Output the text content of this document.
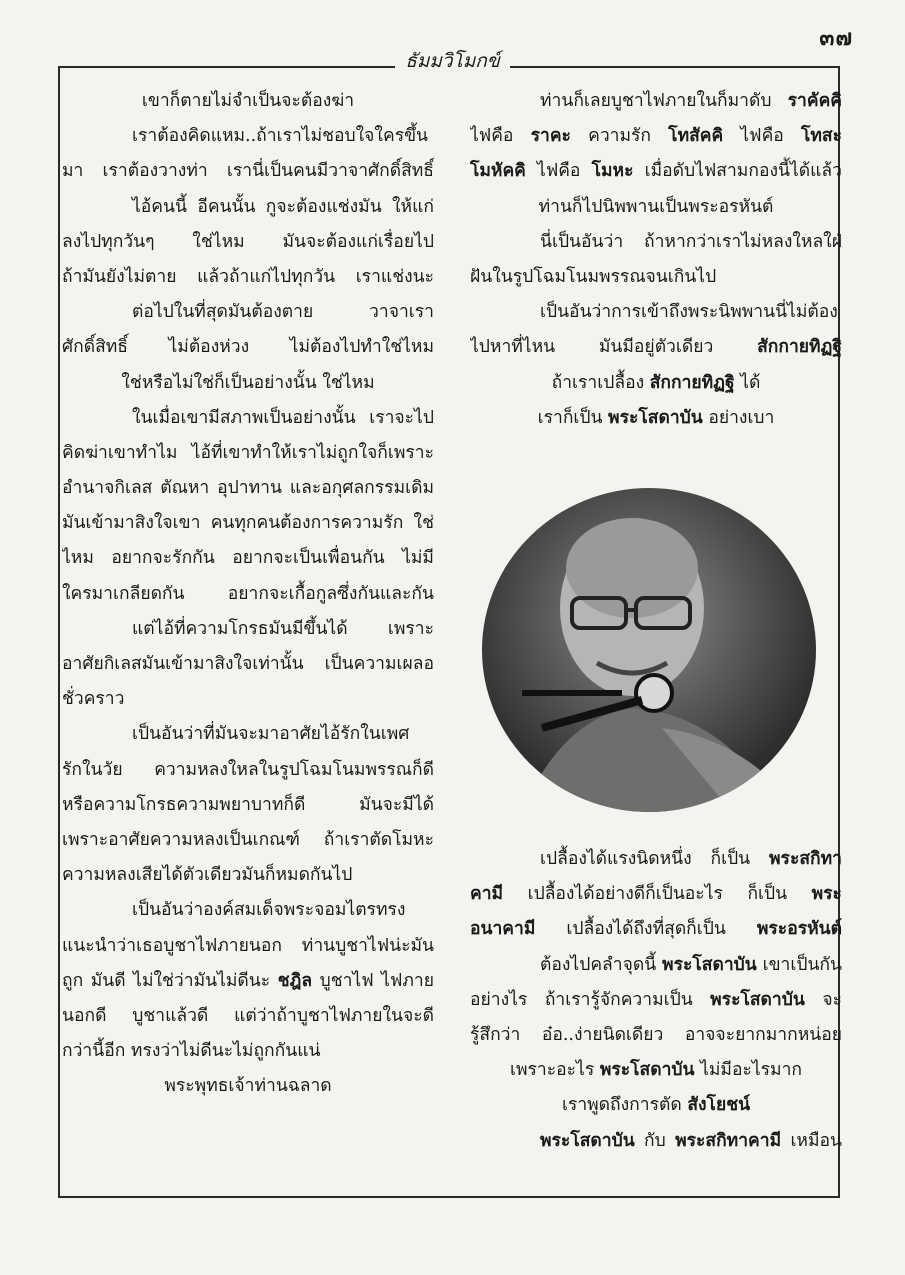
๓๗
ธัมมวิโมกข์
เขาก็ตายไม่จำเป็นจะต้องฆ่า
เราต้องคิดแหม..ถ้าเราไม่ชอบใจใครขึ้น
มา เราต้องวางท่า เรานี่เป็นคนมีวาจาศักดิ์สิทธิ์
ไอ้คนนี้ อีคนนั้น กูจะต้องแช่งมัน ให้แก่
ลงไปทุกวันๆ ใช่ไหม มันจะต้องแก่เรื่อยไป
ถ้ามันยังไม่ตาย แล้วถ้าแก่ไปทุกวัน เราแช่งนะ
ต่อไปในที่สุดมันต้องตาย	วาจาเรา
ศักดิ์สิทธิ์ ไม่ต้องห่วง ไม่ต้องไปทำใช่ไหม
ใช่หรือไม่ใช่ก็เป็นอย่างนั้น ใช่ไหม
ในเมื่อเขามีสภาพเป็นอย่างนั้น เราจะไป
คิดฆ่าเขาทำไม ไอ้ที่เขาทำให้เราไม่ถูกใจก็เพราะ
อำนาจกิเลส ตัณหา อุปาทาน และอกุศลกรรมเดิม
มันเข้ามาสิงใจเขา คนทุกคนต้องการความรัก ใช่
ไหม อยากจะรักกัน อยากจะเป็นเพื่อนกัน ไม่มี
ใครมาเกลียดกัน อยากจะเกื้อกูลซึ่งกันและกัน
แต่ไอ้ที่ความโกรธมันมีขึ้นได้ เพราะ
อาศัยกิเลสมันเข้ามาสิงใจเท่านั้น เป็นความเผลอ
ชั่วคราว
เป็นอันว่าที่มันจะมาอาศัยไอ้รักในเพศ
รักในวัย ความหลงใหลในรูปโฉมโนมพรรณก็ดี
หรือความโกรธความพยาบาทก็ดี	มันจะมีได้
เพราะอาศัยความหลงเป็นเกณฑ์ ถ้าเราตัดโมหะ
ความหลงเสียได้ตัวเดียวมันก็หมดกันไป
เป็นอันว่าองค์สมเด็จพระจอมไตรทรง
แนะนำว่าเธอบูชาไฟภายนอก ท่านบูชาไฟน่ะมัน
ถูก มันดี ไม่ใช่ว่ามันไม่ดีนะ ชฎิล บูชาไฟ ไฟภาย
นอกดี บูชาแล้วดี แต่ว่าถ้าบูชาไฟภายในจะดี
กว่านี้อีก ทรงว่าไม่ดีนะไม่ถูกกันแน่
พระพุทธเจ้าท่านฉลาด
ท่านก็เลยบูชาไฟภายในก็มาดับ ราคัคคิ
ไฟคือ ราคะ ความรัก โทสัคคิ ไฟคือ โทสะ
โมหัคคิ ไฟคือ โมหะ เมื่อดับไฟสามกองนี้ได้แล้ว
ท่านก็ไปนิพพานเป็นพระอรหันต์
นี่เป็นอันว่า ถ้าหากว่าเราไม่หลงใหลใฝ่
ฝันในรูปโฉมโนมพรรณจนเกินไป
เป็นอันว่าการเข้าถึงพระนิพพานนี่ไม่ต้อง
ไปหาที่ไหน	มันมีอยู่ตัวเดียว	สักกายทิฏฐิ
ถ้าเราเปลื้อง สักกายทิฏฐิ ได้
เราก็เป็น พระโสดาบัน อย่างเบา
เปลื้องได้แรงนิดหนึ่ง ก็เป็น พระสกิทา
คามี เปลื้องได้อย่างดีก็เป็นอะไร ก็เป็น พระ
อนาคามี เปลื้องได้ถึงที่สุดก็เป็น พระอรหันต์
ต้องไปคลำจุดนี้ พระโสดาบัน เขาเป็นกัน
อย่างไร ถ้าเรารู้จักความเป็น พระโสดาบัน จะ
รู้สึกว่า อ๋อ..ง่ายนิดเดียว อาจจะยากมากหน่อย
เพราะอะไร พระโสดาบัน ไม่มีอะไรมาก
เราพูดถึงการตัด สังโยชน์
พระโสดาบัน กับ พระสกิทาคามี เหมือน
